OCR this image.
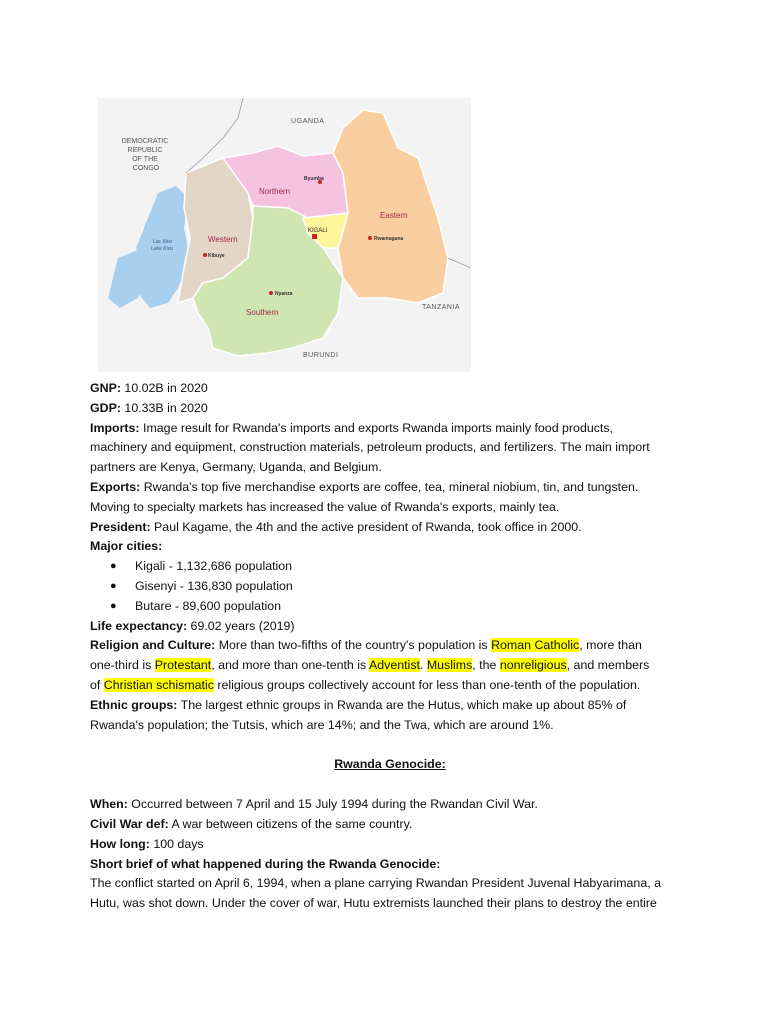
UGANDA
DEMOCRATIC REPUBLIC OF THE CONGO
TANZANIA
BURUNDI
Northern
Eastern
Western
Southern
KIGALI
Lac Kivu Lake Kivu
Nyanza
Rwamagana
Byumba
Kibuye

GNP: 10.02B in 2020

GDP: 10.33B in 2020

Imports: Image result for Rwanda's imports and exports Rwanda imports mainly food products,
machinery and equipment, construction materials, petroleum products, and fertilizers. The main import
partners are Kenya, Germany, Uganda, and Belgium.

Exports: Rwanda's top five merchandise exports are coffee, tea, mineral niobium, tin, and tungsten.
Moving to specialty markets has increased the value of Rwanda's exports, mainly tea.

President: Paul Kagame, the 4th and the active president of Rwanda, took office in 2000.

Major cities:

● Kigali - 1,132,686 population
● Gisenyi - 136,830 population
● Butare - 89,600 population

Life expectancy: 69.02 years (2019)

Religion and Culture: More than two-fifths of the country's population is Roman Catholic, more than
one-third is Protestant, and more than one-tenth is Adventist. Muslims, the nonreligious, and members
of Christian schismatic religious groups collectively account for less than one-tenth of the population.

Ethnic groups: The largest ethnic groups in Rwanda are the Hutus, which make up about 85% of
Rwanda's population; the Tutsis, which are 14%; and the Twa, which are around 1%.

Rwanda Genocide:

When: Occurred between 7 April and 15 July 1994 during the Rwandan Civil War.

Civil War def: A war between citizens of the same country.

How long: 100 days

Short brief of what happened during the Rwanda Genocide:

The conflict started on April 6, 1994, when a plane carrying Rwandan President Juvenal Habyarimana, a
Hutu, was shot down. Under the cover of war, Hutu extremists launched their plans to destroy the entire
